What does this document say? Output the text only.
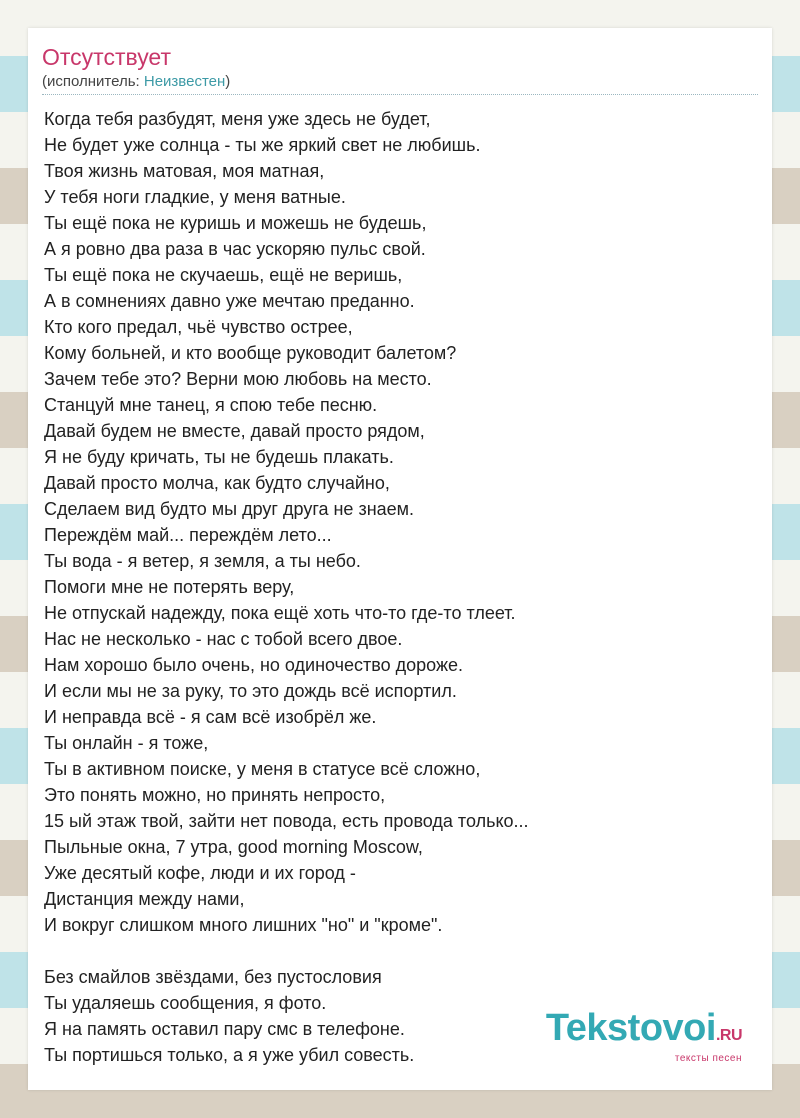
Отсутствует
(исполнитель: Неизвестен)
Когда тебя разбудят, меня уже здесь не будет,
Не будет уже солнца - ты же яркий свет не любишь.
Твоя жизнь матовая, моя матная,
У тебя ноги гладкие, у меня ватные.
Ты ещё пока не куришь и можешь не будешь,
А я ровно два раза в час ускоряю пульс свой.
Ты ещё пока не скучаешь, ещё не веришь,
А в сомнениях давно уже мечтаю преданно.
Кто кого предал, чьё чувство острее,
Кому больней, и кто вообще руководит балетом?
Зачем тебе это? Верни мою любовь на место.
Станцуй мне танец, я спою тебе песню.
Давай будем не вместе, давай просто рядом,
Я не буду кричать, ты не будешь плакать.
Давай просто молча, как будто случайно,
Сделаем вид будто мы друг друга не знаем.
Переждём май... переждём лето...
Ты вода - я ветер, я земля, а ты небо.
Помоги мне не потерять веру,
Не отпускай надежду, пока ещё хоть что-то где-то тлеет.
Нас не несколько - нас с тобой всего двое.
Нам хорошо было очень, но одиночество дороже.
И если мы не за руку, то это дождь всё испортил.
И неправда всё - я сам всё изобрёл же.
Ты онлайн - я тоже,
Ты в активном поиске, у меня в статусе всё сложно,
Это понять можно, но принять непросто,
15 ый этаж твой, зайти нет повода, есть провода только...
Пыльные окна, 7 утра, good morning Moscow,
Уже десятый кофе, люди и их город -
Дистанция между нами,
И вокруг слишком много лишних "но" и "кроме".
Без смайлов звёздами, без пустословия
Ты удаляешь сообщения, я фото.
Я на память оставил пару смс в телефоне.
Ты портишься только, а я уже убил совесть.
Tekstovoi.RU
тексты песен
